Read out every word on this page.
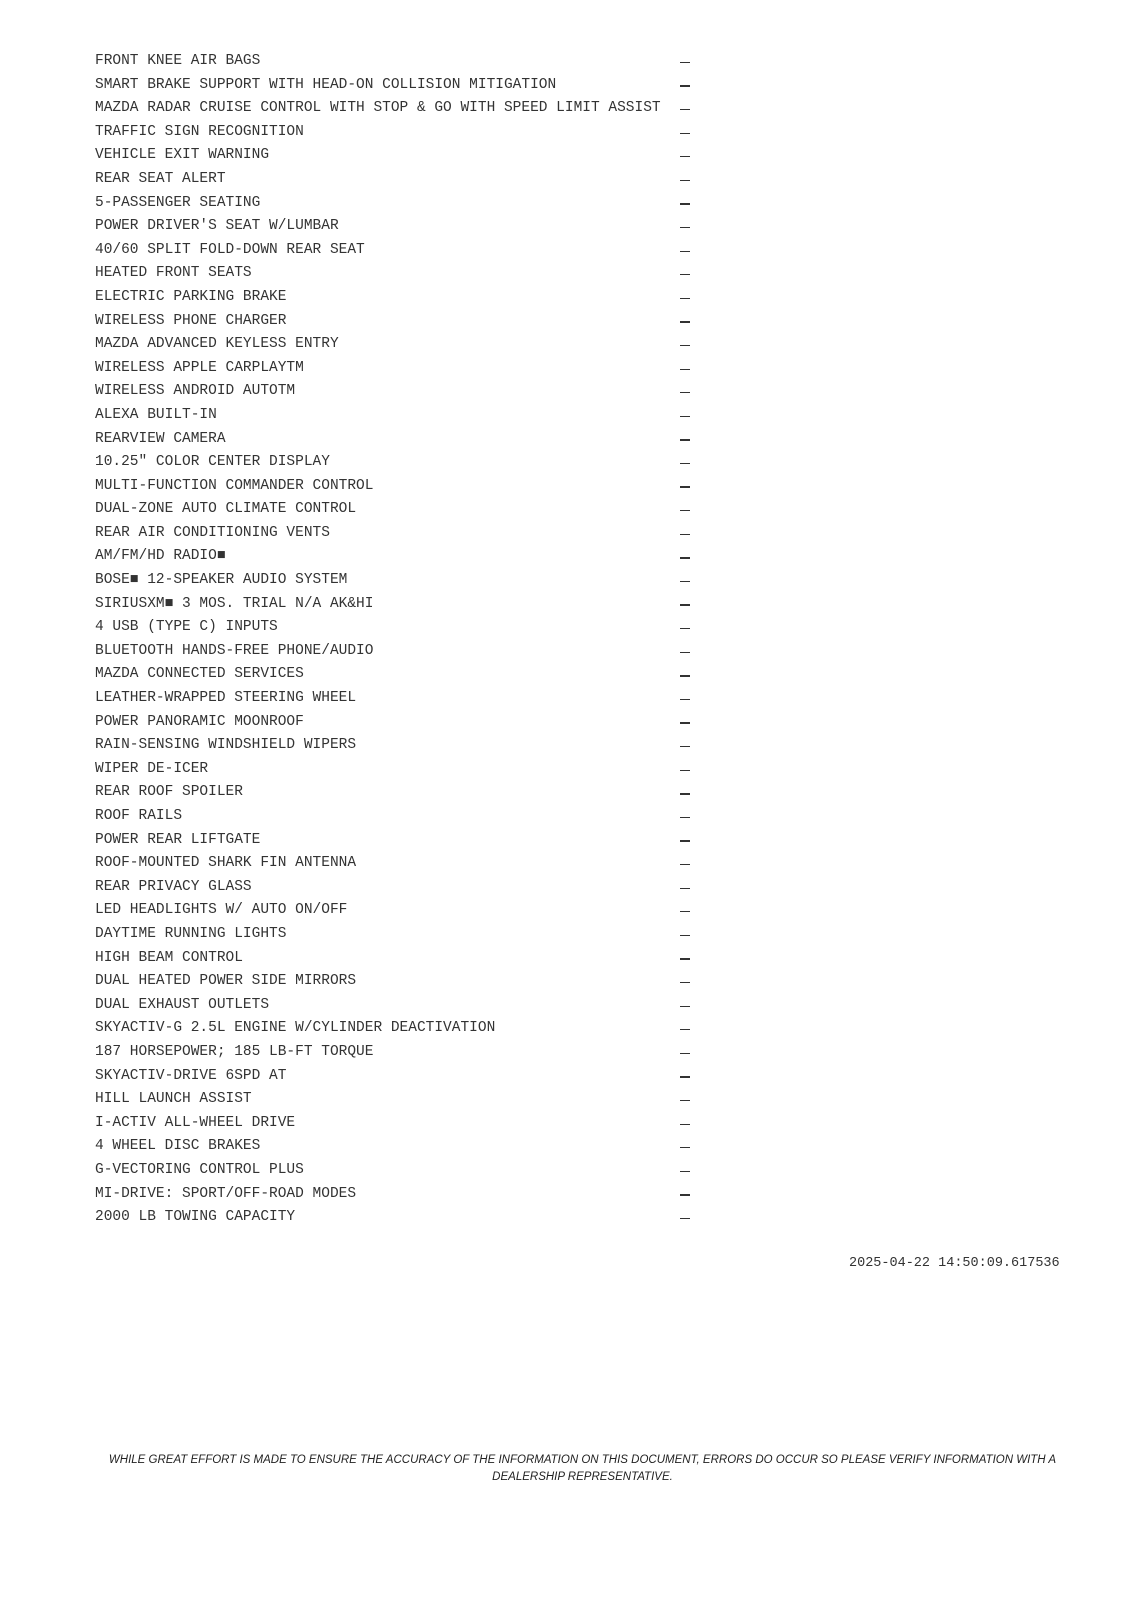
FRONT KNEE AIR BAGS
SMART BRAKE SUPPORT WITH HEAD-ON COLLISION MITIGATION
MAZDA RADAR CRUISE CONTROL WITH STOP & GO WITH SPEED LIMIT ASSIST
TRAFFIC SIGN RECOGNITION
VEHICLE EXIT WARNING
REAR SEAT ALERT
5-PASSENGER SEATING
POWER DRIVER'S SEAT W/LUMBAR
40/60 SPLIT FOLD-DOWN REAR SEAT
HEATED FRONT SEATS
ELECTRIC PARKING BRAKE
WIRELESS PHONE CHARGER
MAZDA ADVANCED KEYLESS ENTRY
WIRELESS APPLE CARPLAYTM
WIRELESS ANDROID AUTOTM
ALEXA BUILT-IN
REARVIEW CAMERA
10.25" COLOR CENTER DISPLAY
MULTI-FUNCTION COMMANDER CONTROL
DUAL-ZONE AUTO CLIMATE CONTROL
REAR AIR CONDITIONING VENTS
AM/FM/HD RADIO■
BOSE■ 12-SPEAKER AUDIO SYSTEM
SIRIUSXM■ 3 MOS. TRIAL N/A AK&HI
4 USB (TYPE C) INPUTS
BLUETOOTH HANDS-FREE PHONE/AUDIO
MAZDA CONNECTED SERVICES
LEATHER-WRAPPED STEERING WHEEL
POWER PANORAMIC MOONROOF
RAIN-SENSING WINDSHIELD WIPERS
WIPER DE-ICER
REAR ROOF SPOILER
ROOF RAILS
POWER REAR LIFTGATE
ROOF-MOUNTED SHARK FIN ANTENNA
REAR PRIVACY GLASS
LED HEADLIGHTS W/ AUTO ON/OFF
DAYTIME RUNNING LIGHTS
HIGH BEAM CONTROL
DUAL HEATED POWER SIDE MIRRORS
DUAL EXHAUST OUTLETS
SKYACTIV-G 2.5L ENGINE W/CYLINDER DEACTIVATION
187 HORSEPOWER; 185 LB-FT TORQUE
SKYACTIV-DRIVE 6SPD AT
HILL LAUNCH ASSIST
I-ACTIV ALL-WHEEL DRIVE
4 WHEEL DISC BRAKES
G-VECTORING CONTROL PLUS
MI-DRIVE: SPORT/OFF-ROAD MODES
2000 LB TOWING CAPACITY
2025-04-22 14:50:09.617536
WHILE GREAT EFFORT IS MADE TO ENSURE THE ACCURACY OF THE INFORMATION ON THIS DOCUMENT, ERRORS DO OCCUR SO PLEASE VERIFY INFORMATION WITH A DEALERSHIP REPRESENTATIVE.
